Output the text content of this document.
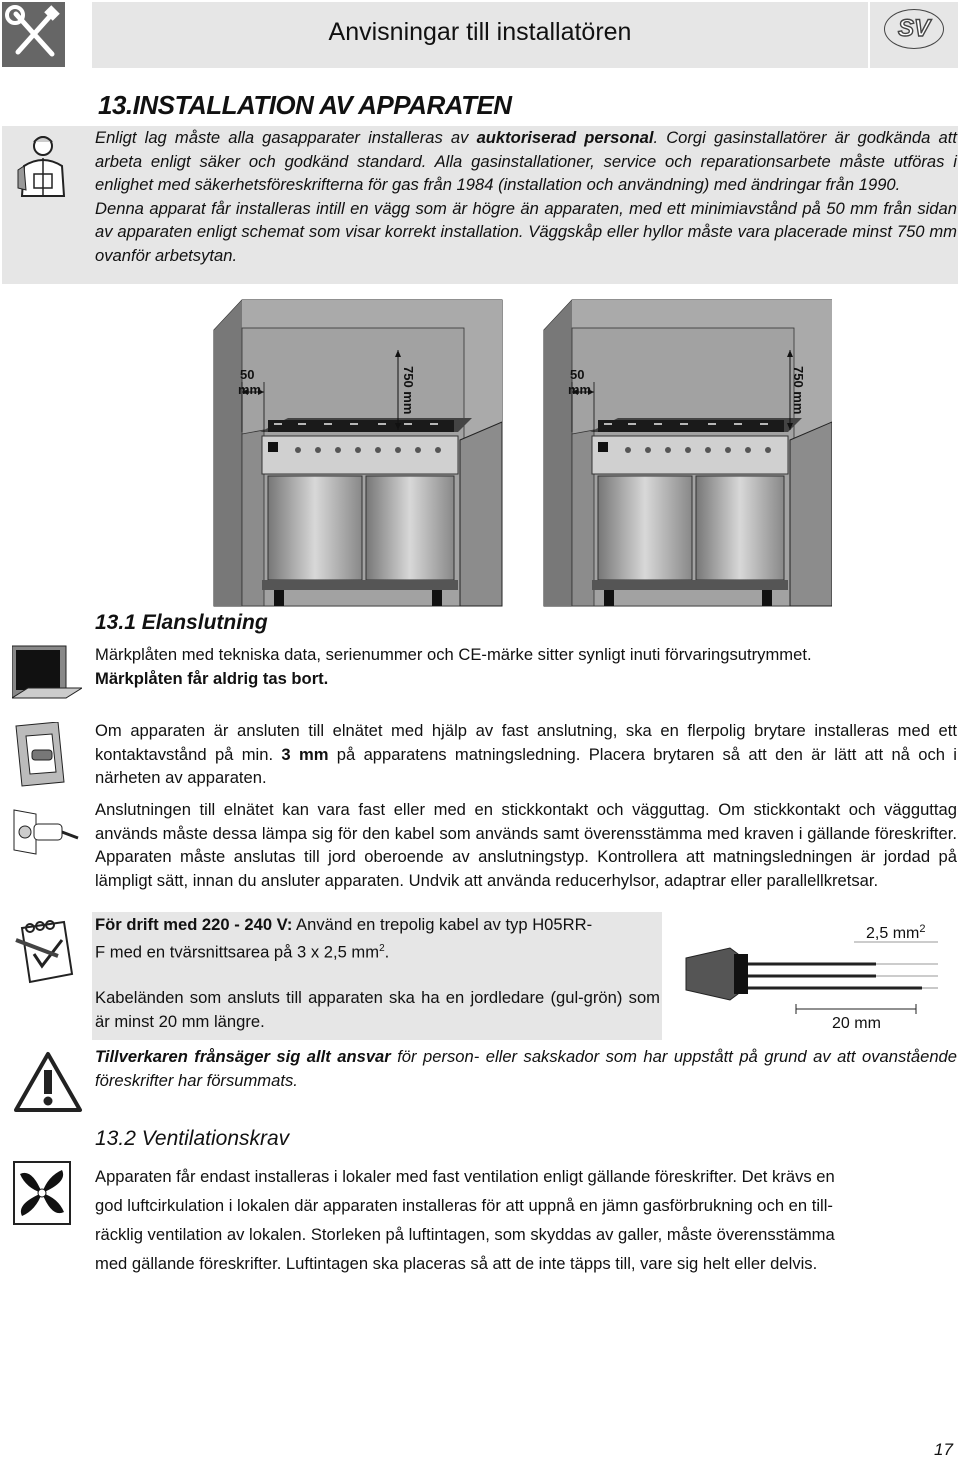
Anvisningar till installatören	SV
13.INSTALLATION AV APPARATEN
Enligt lag måste alla gasapparater installeras av auktoriserad personal. Corgi gasinstallatörer är godkända att arbeta enligt säker och godkänd standard. Alla gasinstallationer, service och reparationsarbete måste utföras i enlighet med säkerhetsföreskrifterna för gas från 1984 (installation och användning) med ändringar från 1990.
Denna apparat får installeras intill en vägg som är högre än apparaten, med ett minimiavstånd på 50 mm från sidan av apparaten enligt schemat som visar korrekt installation. Väggskåp eller hyllor måste vara placerade minst 750 mm ovanför arbetsytan.
50
mm
50
mm
750 mm	750 mm
13.1 Elanslutning
Märkplåten med tekniska data, serienummer och CE-märke sitter synligt inuti förvaringsutrymmet.
Märkplåten får aldrig tas bort.
Om apparaten är ansluten till elnätet med hjälp av fast anslutning, ska en flerpolig brytare installeras med ett kontaktavstånd på min. 3 mm på apparatens matningsledning. Placera brytaren så att den är lätt att nå och i närheten av apparaten.
Anslutningen till elnätet kan vara fast eller med en stickkontakt och vägguttag. Om stickkontakt och vägguttag används måste dessa lämpa sig för den kabel som används samt överensstämma med kraven i gällande föreskrifter. Apparaten måste anslutas till jord oberoende av anslutningstyp. Kontrollera att matningsledningen är jordad på lämpligt sätt, innan du ansluter apparaten. Undvik att använda reducerhylsor, adaptrar eller parallellkretsar.
För drift med 220 - 240 V: Använd en trepolig kabel av typ H05RR-
F med en tvärsnittsarea på 3 x 2,5 $mm^2$.
Kabeländen som ansluts till apparaten ska ha en jordledare (gul-grön) som är minst 20 mm längre.
2,5 $mm^2$
20 mm
Tillverkaren frånsäger sig allt ansvar för person- eller sakskador som har uppstått på grund av att ovanstående föreskrifter har försummats.
13.2 Ventilationskrav
Apparaten får endast installeras i lokaler med fast ventilation enligt gällande föreskrifter. Det krävs en
god luftcirkulation i lokalen där apparaten installeras för att uppnå en jämn gasförbrukning och en till-
räcklig ventilation av lokalen. Storleken på luftintagen, som skyddas av galler, måste överensstämma
med gällande föreskrifter. Luftintagen ska placeras så att de inte täpps till, vare sig helt eller delvis.
17
